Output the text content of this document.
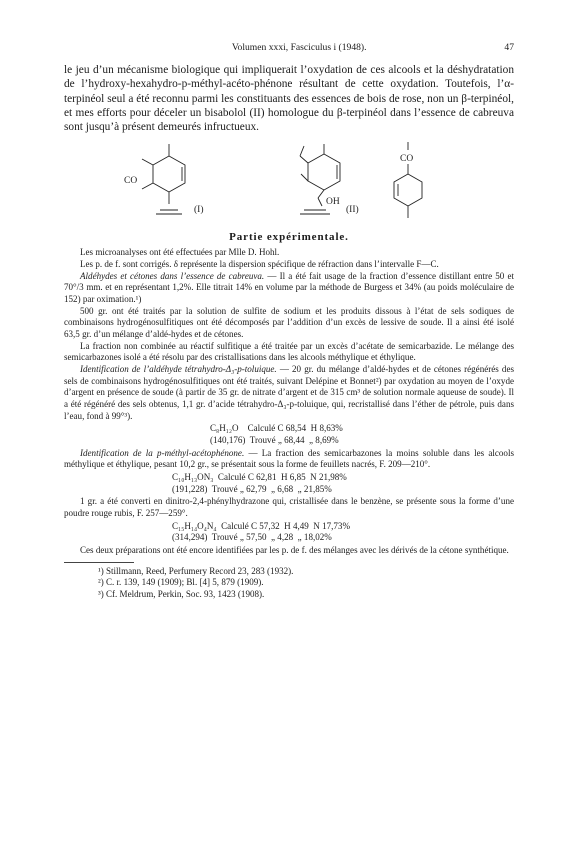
Volumen xxxi, Fasciculus i (1948).	47

le jeu d’un mécanisme biologique qui impliquerait l’oxydation de ces alcools et la déshydratation de l’hydroxy-hexahydro-p-méthyl-acéto-phénone résultant de cette oxydation. Toutefois, l’α-terpinéol seul a été reconnu parmi les constituants des essences de bois de rose, non un β-terpinéol, et mes efforts pour déceler un bisabolol (II) homologue du β-terpinéol dans l’essence de cabreuva sont jusqu’à présent demeurés infructueux.

CO
(I)
OH
(II)
CO
Partie expérimentale.

Les microanalyses ont été effectuées par Mlle D. Hohl.

Les p. de f. sont corrigés. δ représente la dispersion spécifique de réfraction dans l’intervalle F—C.

Aldéhydes et cétones dans l’essence de cabreuva. — Il a été fait usage de la fraction d’essence distillant entre 50 et 70°/3 mm. et en représentant 1,2%. Elle titrait 14% en volume par la méthode de Burgess et 34% (au poids moléculaire de 152) par oximation.¹)

500 gr. ont été traités par la solution de sulfite de sodium et les produits dissous à l’état de sels sodiques de combinaisons hydrogénosulfitiques ont été décomposés par l’addition d’un excès de lessive de soude. Il a ainsi été isolé 63,5 gr. d’un mélange d’aldé-hydes et de cétones.

La fraction non combinée au réactif sulfitique a été traitée par un excès d’acétate de semicarbazide. Le mélange des semicarbazones isolé a été résolu par des cristallisations dans les alcools méthylique et éthylique.

Identification de l’aldéhyde tétrahydro-Δ₃-p-toluique. — 20 gr. du mélange d’aldé-hydes et de cétones régénérés des sels de combinaisons hydrogénosulfitiques ont été traités, suivant Delépine et Bonnet²) par oxydation au moyen de l’oxyde d’argent en présence de soude (à partir de 35 gr. de nitrate d’argent et de 315 cm³ de solution normale aqueuse de soude). Il a été régénéré des sels obtenus, 1,1 gr. d’acide tétrahydro-Δ₃-p-toluique, qui, recristallisé dans l’éther de pétrole, puis dans l’eau, fond à 99°³).

C₈H₁₂O    Calculé C 68,54  H 8,63%
(140,176)  Trouvé „ 68,44  „ 8,69%

Identification de la p-méthyl-acétophénone. — La fraction des semicarbazones la moins soluble dans les alcools méthylique et éthylique, pesant 10,2 gr., se présentait sous la forme de feuillets nacrés, F. 209—210°.

C₁₀H₁₃ON₃  Calculé C 62,81  H 6,85  N 21,98%
(191,228)  Trouvé „ 62,79  „ 6,68  „ 21,85%

1 gr. a été converti en dinitro-2,4-phénylhydrazone qui, cristallisée dans le benzène, se présente sous la forme d’une poudre rouge rubis, F. 257—259°.

C₁₅H₁₄O₄N₄  Calculé C 57,32  H 4,49  N 17,73%
(314,294)  Trouvé „ 57,50  „ 4,28  „ 18,02%

Ces deux préparations ont été encore identifiées par les p. de f. des mélanges avec les dérivés de la cétone synthétique.

¹) Stillmann, Reed, Perfumery Record 23, 283 (1932).
²) C. r. 139, 149 (1909); Bl. [4] 5, 879 (1909).
³) Cf. Meldrum, Perkin, Soc. 93, 1423 (1908).
